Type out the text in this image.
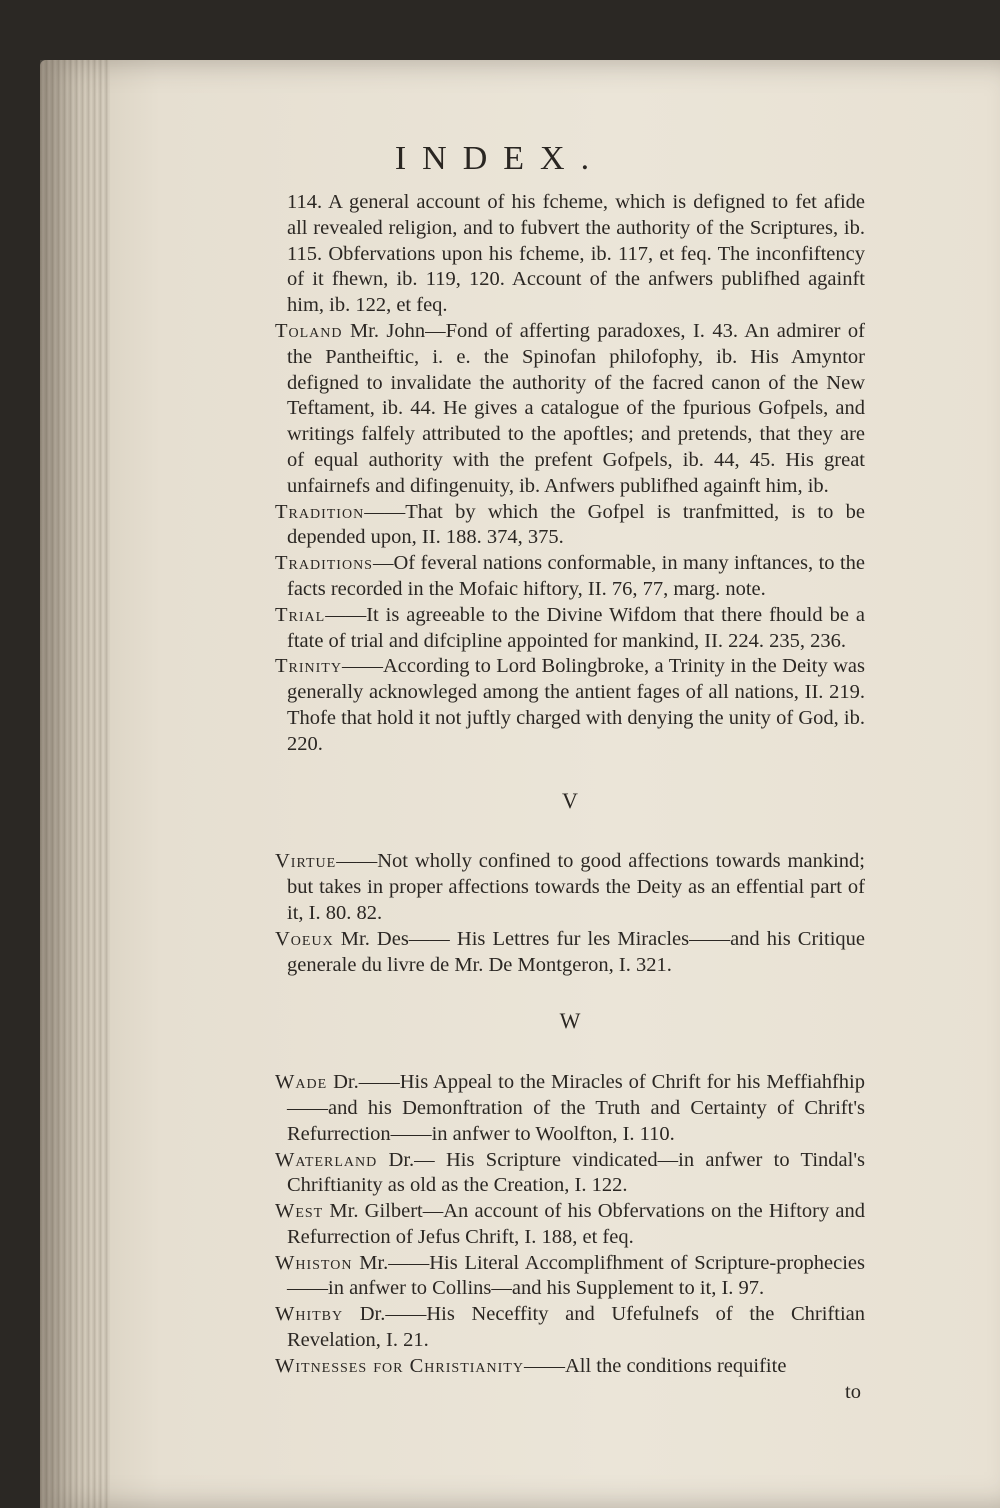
INDEX.

114. A general account of his fcheme, which is defigned to fet afide all revealed religion, and to fubvert the authority of the Scriptures, ib. 115. Obfervations upon his fcheme, ib. 117, et feq. The inconfiftency of it fhewn, ib. 119, 120. Account of the anfwers publifhed againft him, ib. 122, et feq.

Toland Mr. John—Fond of afferting paradoxes, I. 43. An admirer of the Pantheiftic, i. e. the Spinofan philofophy, ib. His Amyntor defigned to invalidate the authority of the facred canon of the New Teftament, ib. 44. He gives a catalogue of the fpurious Gofpels, and writings falfely attributed to the apoftles; and pretends, that they are of equal authority with the prefent Gofpels, ib. 44, 45. His great unfairnefs and difingenuity, ib. Anfwers publifhed againft him, ib.

Tradition——That by which the Gofpel is tranfmitted, is to be depended upon, II. 188. 374, 375.

Traditions—Of feveral nations conformable, in many inftances, to the facts recorded in the Mofaic hiftory, II. 76, 77, marg. note.

Trial——It is agreeable to the Divine Wifdom that there fhould be a ftate of trial and difcipline appointed for mankind, II. 224. 235, 236.

Trinity——According to Lord Bolingbroke, a Trinity in the Deity was generally acknowleged among the antient fages of all nations, II. 219. Thofe that hold it not juftly charged with denying the unity of God, ib. 220.

V

Virtue——Not wholly confined to good affections towards mankind; but takes in proper affections towards the Deity as an effential part of it, I. 80. 82.

Voeux Mr. Des—— His Lettres fur les Miracles——and his Critique generale du livre de Mr. De Montgeron, I. 321.

W

Wade Dr.——His Appeal to the Miracles of Chrift for his Meffiahfhip——and his Demonftration of the Truth and Certainty of Chrift's Refurrection——in anfwer to Woolfton, I. 110.

Waterland Dr.— His Scripture vindicated—in anfwer to Tindal's Chriftianity as old as the Creation, I. 122.

West Mr. Gilbert—An account of his Obfervations on the Hiftory and Refurrection of Jefus Chrift, I. 188, et feq.

Whiston Mr.——His Literal Accomplifhment of Scripture-prophecies ——in anfwer to Collins—and his Supplement to it, I. 97.

Whitby Dr.——His Neceffity and Ufefulnefs of the Chriftian Revelation, I. 21.

Witnesses for Christianity——All the conditions requifite

to
